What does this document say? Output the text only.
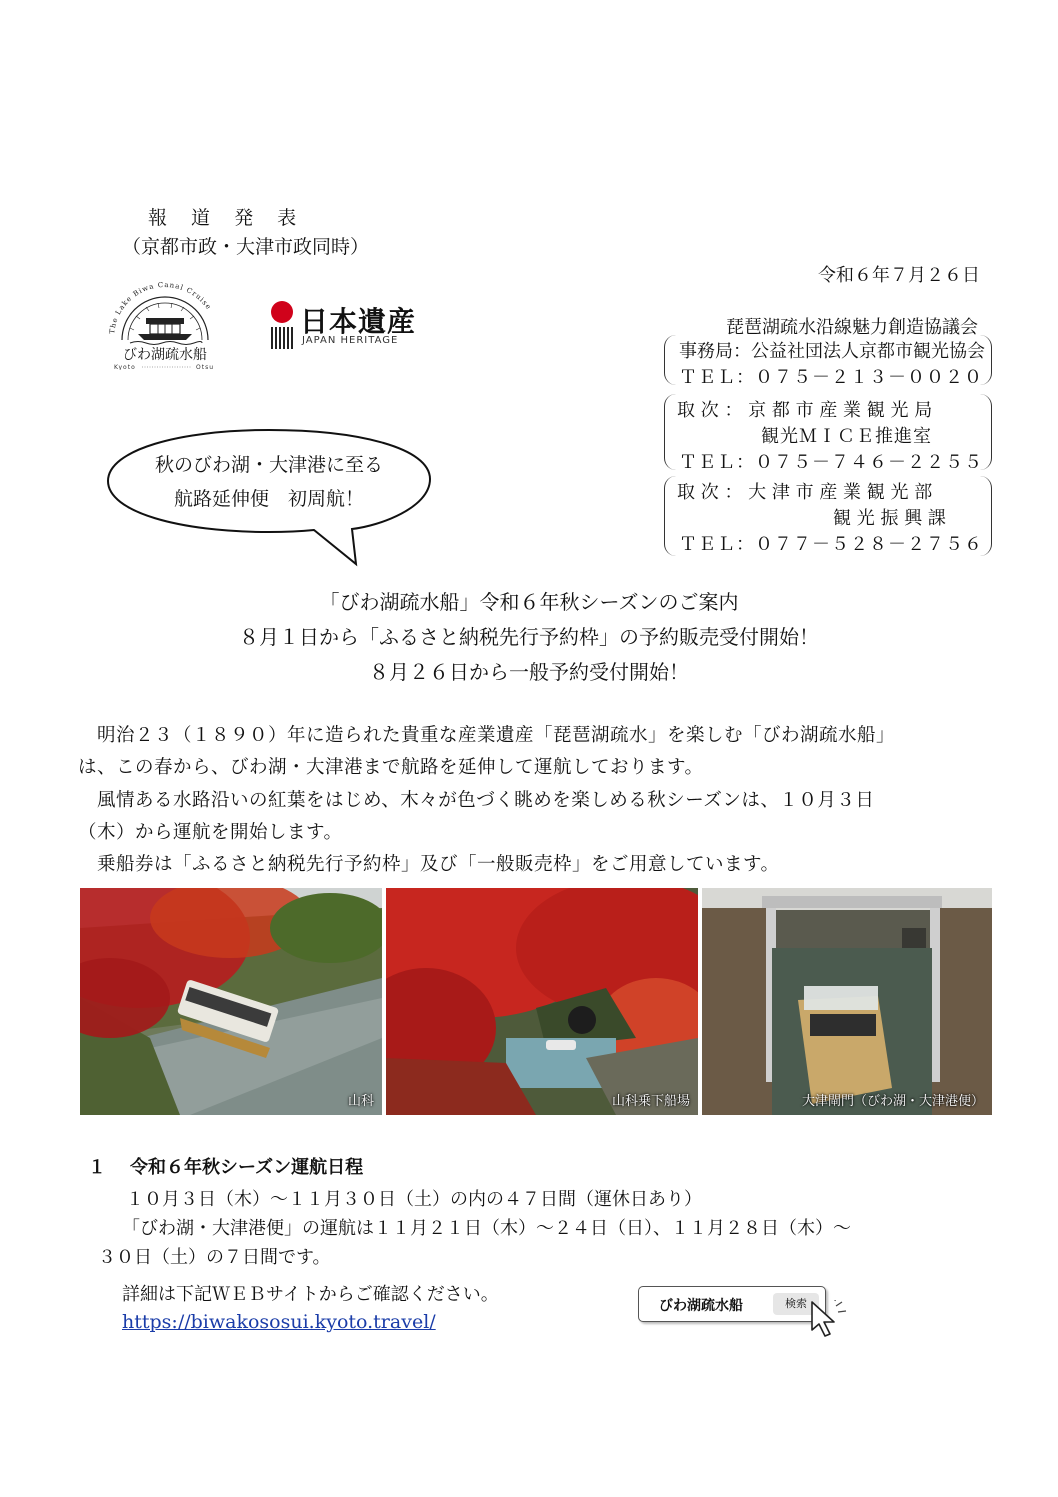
報 道 発 表
（京都市政・大津市政同時）
令和６年７月２６日
The Lake Biwa Canal Cruise
びわ湖疏水船
Kyoto	Otsu
日本遺産
JAPAN HERITAGE
琵琶湖疏水沿線魅力創造協議会
事務局：公益社団法人京都市観光協会
ＴＥＬ：０７５－２１３－００２０
取 次 ： 京 都 市 産 業 観 光 局
観光ＭＩＣＥ推進室
ＴＥＬ：０７５－７４６－２２５５
取 次 ： 大 津 市 産 業 観 光 部
観 光 振 興 課
ＴＥＬ：０７７－５２８－２７５６
秋のびわ湖・大津港に至る
航路延伸便　初周航！
「びわ湖疏水船」令和６年秋シーズンのご案内
８月１日から「ふるさと納税先行予約枠」の予約販売受付開始！
８月２６日から一般予約受付開始！
明治２３（１８９０）年に造られた貴重な産業遺産「琵琶湖疏水」を楽しむ「びわ湖疏水船」
は、この春から、びわ湖・大津港まで航路を延伸して運航しております。
風情ある水路沿いの紅葉をはじめ、木々が色づく眺めを楽しめる秋シーズンは、１０月３日
（木）から運航を開始します。
乗船券は「ふるさと納税先行予約枠」及び「一般販売枠」をご用意しています。
山科	山科乗下船場	大津閘門（びわ湖・大津港便）
１ 令和６年秋シーズン運航日程
１０月３日（木）～１１月３０日（土）の内の４７日間（運休日あり）
「びわ湖・大津港便」の運航は１１月２１日（木）～２４日（日）、１１月２８日（木）～
３０日（土）の７日間です。
詳細は下記ＷＥＢサイトからご確認ください。
https://biwakososui.kyoto.travel/
びわ湖疏水船	検索
